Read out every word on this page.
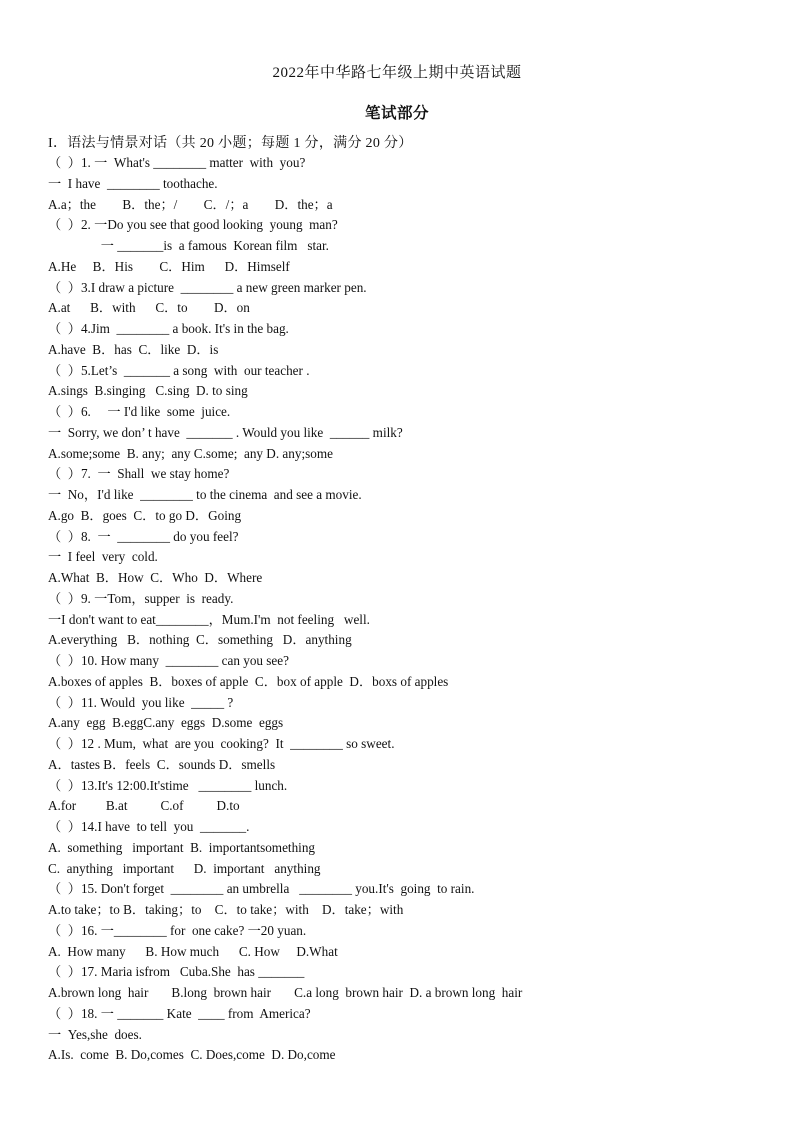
2022年中华路七年级上期中英语试题
笔试部分
I．语法与情景对话（共 20 小题；每题 1 分，满分 20 分）
（  ）1. 一  What's ________ matter  with  you?
一  I have  ________ toothache.
A.a；the        B．the；/        C．/；a        D．the；a
（  ）2. 一Do you see that good looking  young  man?
一 _______is  a famous  Korean film   star.
A.He     B．His        C．Him      D．Himself
（  ）3.I draw a picture  ________ a new green marker pen.
A.at      B．with      C．to        D．on
（  ）4.Jim  ________ a book. It's in the bag.
A.have  B．has  C．like  D．is
（  ）5.Let’s  _______ a song  with  our teacher .
A.sings  B.singing   C.sing  D. to sing
（  ）6.     一 I'd like  some  juice.
一  Sorry, we don’ t have  _______ . Would you like  ______ milk?
A.some;some  B. any;  any C.some;  any D. any;some
（  ）7.  一  Shall  we stay home?
一  No，I'd like  ________ to the cinema  and see a movie.
A.go  B．goes  C．to go D．Going
（  ）8.  一  ________ do you feel?
一  I feel  very  cold.
A.What  B．How  C．Who  D．Where
（  ）9. 一Tom，supper  is  ready.
一I don't want to eat________，Mum.I'm  not feeling   well.
A.everything   B．nothing  C．something   D．anything
（  ）10. How many  ________ can you see?
A.boxes of apples  B．boxes of apple  C．box of apple  D．boxs of apples
（  ）11. Would  you like  _____ ?
A.any  egg  B.eggC.any  eggs  D.some  eggs
（  ）12 . Mum,  what  are you  cooking?  It  ________ so sweet.
A．tastes B．feels  C．sounds D．smells
（  ）13.It's 12:00.It'stime   ________ lunch.
A.for         B.at          C.of          D.to
（  ）14.I have  to tell  you  _______.
A.  something   important  B.  importantsomething
C.  anything   important      D.  important   anything
（  ）15. Don't forget  ________ an umbrella   ________ you.It's  going  to rain.
A.to take；to B．taking；to    C．to take；with    D．take；with
（  ）16. 一________ for  one cake? 一20 yuan.
A.  How many      B. How much      C. How     D.What
（  ）17. Maria isfrom   Cuba.She  has _______
A.brown long  hair       B.long  brown hair       C.a long  brown hair  D. a brown long  hair
（  ）18. 一 _______ Kate  ____ from  America?
一  Yes,she  does.
A.Is.  come  B. Do,comes  C. Does,come  D. Do,come
